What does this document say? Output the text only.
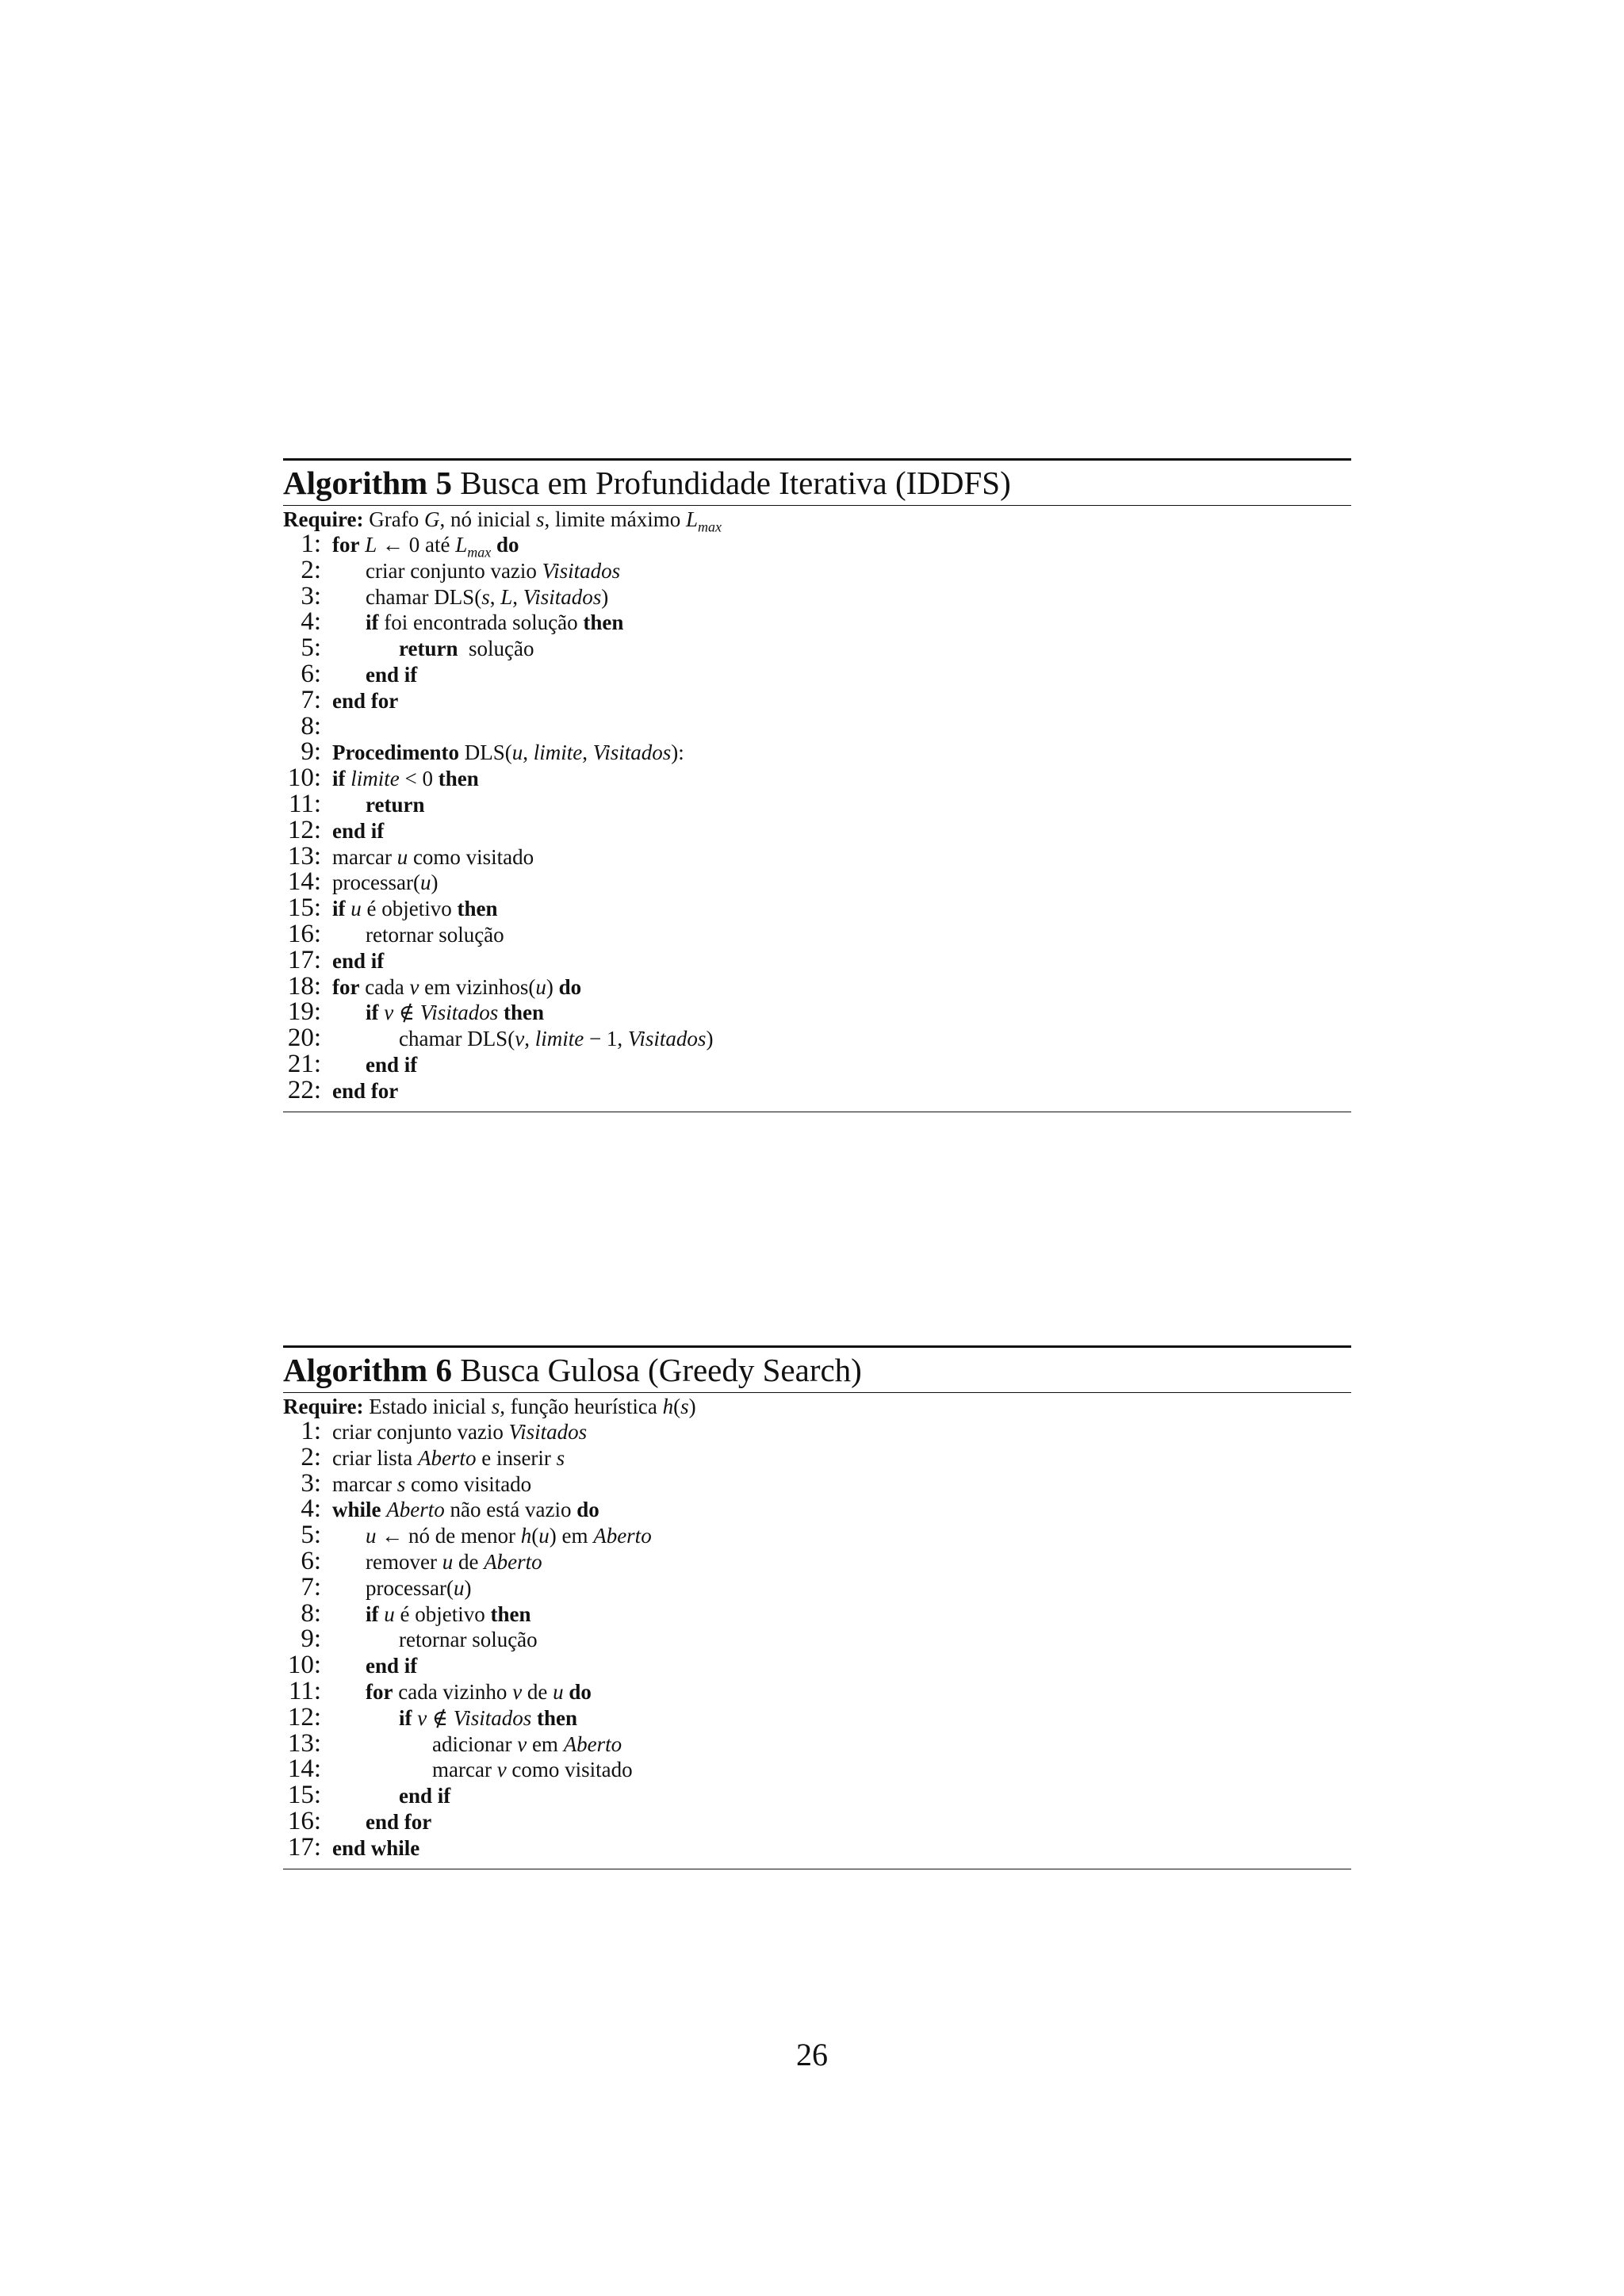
Algorithm 5 Busca em Profundidade Iterativa (IDDFS)
Require: Grafo G, nó inicial s, limite máximo $L_{max}$
1: for L ← 0 até $L_{max}$ do
2: criar conjunto vazio Visitados
3: chamar DLS(s, L, Visitados)
4: if foi encontrada solução then
5:	return  solução
6: end if
7: end for
8:
9: Procedimento DLS(u, limite, Visitados):
10: if limite < 0 then
11: return
12: end if
13: marcar u como visitado
14: processar(u)
15: if u é objetivo then
16: retornar solução
17: end if
18: for cada v em vizinhos(u) do
19: if v ∉ Visitados then
20:	chamar DLS(v, limite − 1, Visitados)
21: end if
22: end for
Algorithm 6 Busca Gulosa (Greedy Search)
Require: Estado inicial s, função heurística h(s)
1: criar conjunto vazio Visitados
2: criar lista Aberto e inserir s
3: marcar s como visitado
4: while Aberto não está vazio do
5: u ← nó de menor h(u) em Aberto
6: remover u de Aberto
7: processar(u)
8: if u é objetivo then
9:	retornar solução
10: end if
11: for cada vizinho v de u do
12:	if v ∉ Visitados then
13:	adicionar v em Aberto
14:	marcar v como visitado
15:	end if
16: end for
17: end while
26
